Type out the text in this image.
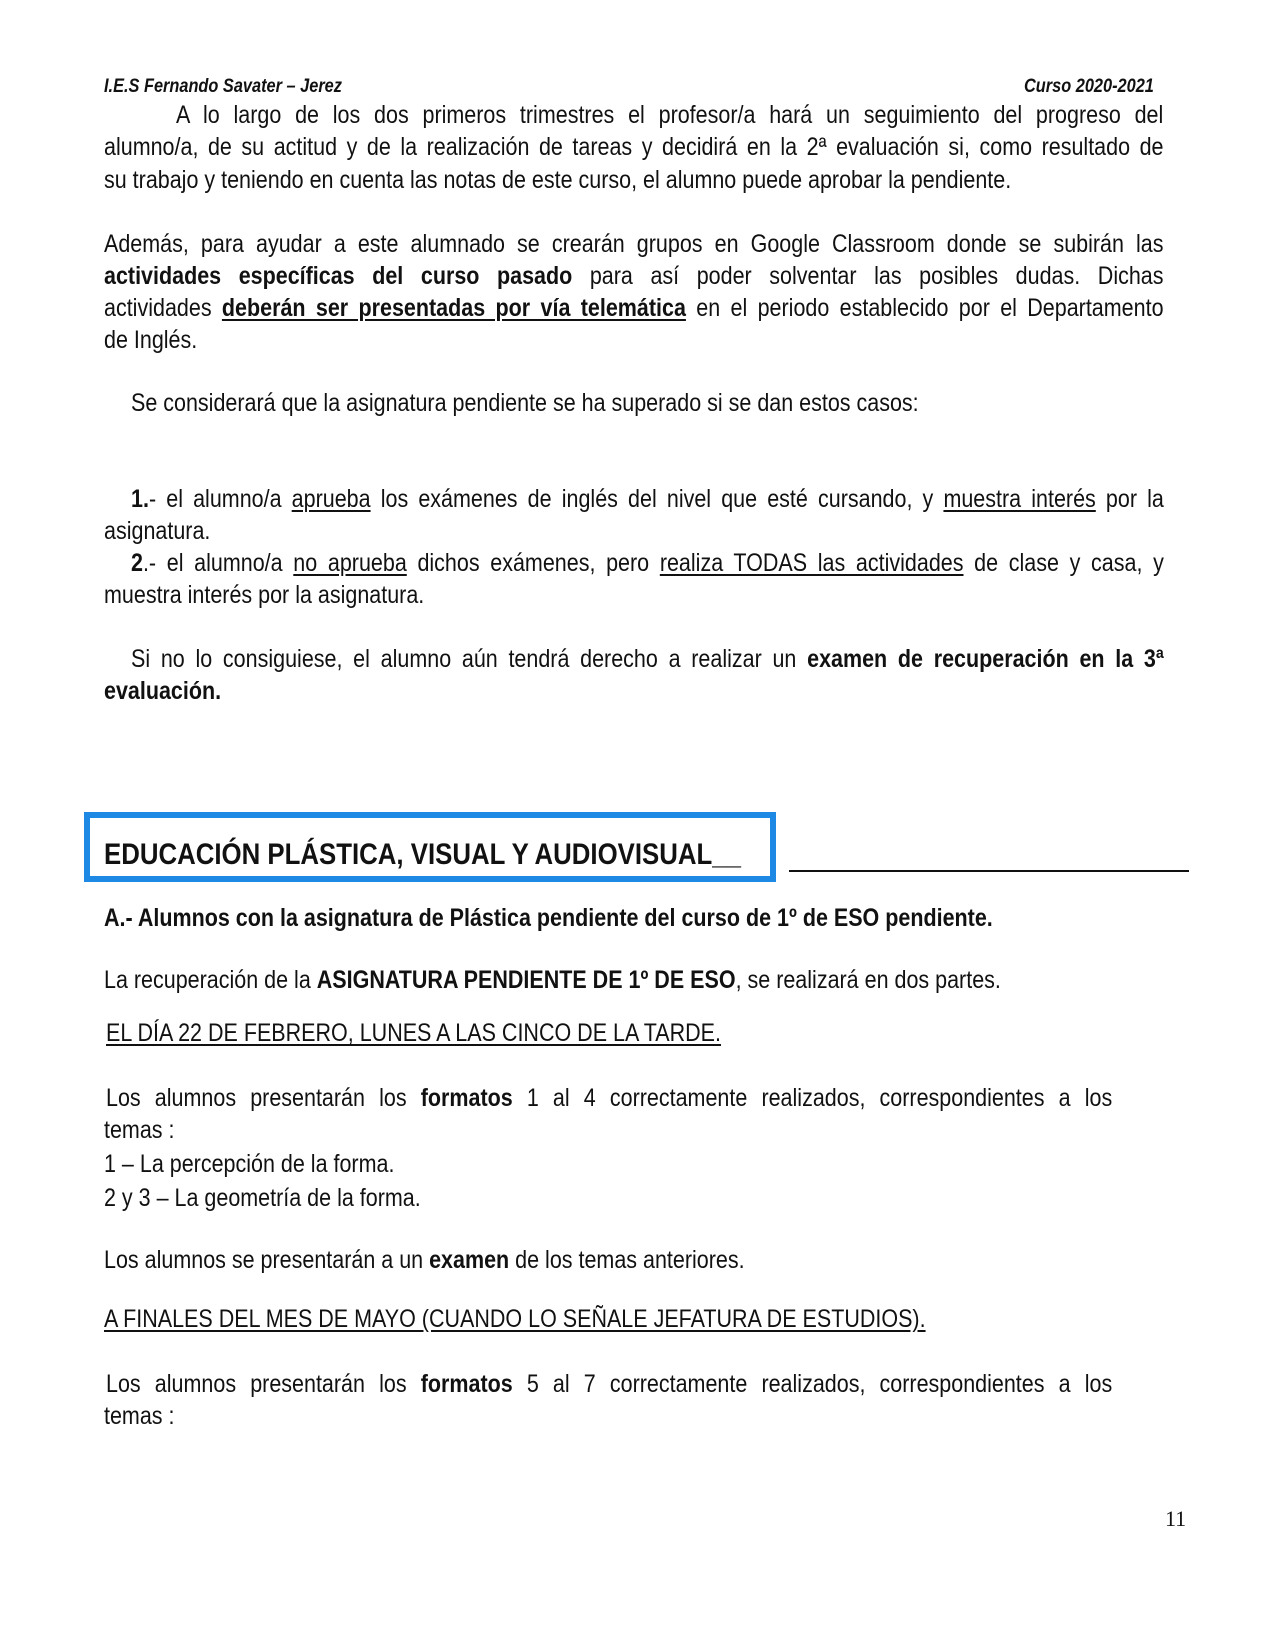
I.E.S Fernando Savater – Jerez	Curso 2020-2021
A lo largo de los dos primeros trimestres el profesor/a hará un seguimiento del progreso del
alumno/a, de su actitud y de la realización de tareas y decidirá en la 2ª evaluación si, como resultado de
su trabajo y teniendo en cuenta las notas de este curso, el alumno puede aprobar la pendiente.
Además, para ayudar a este alumnado se crearán grupos en Google Classroom donde se subirán las
actividades específicas del curso pasado para así poder solventar las posibles dudas. Dichas
actividades deberán ser presentadas por vía telemática en el periodo establecido por el Departamento
de Inglés.
Se considerará que la asignatura pendiente se ha superado si se dan estos casos:
1.- el alumno/a aprueba los exámenes de inglés del nivel que esté cursando, y muestra interés por la
asignatura.
2.- el alumno/a no aprueba dichos exámenes, pero realiza TODAS las actividades de clase y casa, y
muestra interés por la asignatura.
Si no lo consiguiese, el alumno aún tendrá derecho a realizar un examen de recuperación en la 3ª
evaluación.
EDUCACIÓN PLÁSTICA, VISUAL Y AUDIOVISUAL__
A.- Alumnos con la asignatura de Plástica pendiente del curso de 1º de ESO pendiente.
La recuperación de la ASIGNATURA PENDIENTE DE 1º DE ESO, se realizará en dos partes.
EL DÍA 22 DE FEBRERO, LUNES A LAS CINCO DE LA TARDE.
Los alumnos presentarán los formatos 1 al 4 correctamente realizados, correspondientes a los
temas :
1 – La percepción de la forma.
2 y 3 – La geometría de la forma.
Los alumnos se presentarán a un examen de los temas anteriores.
A FINALES DEL MES DE MAYO (CUANDO LO SEÑALE JEFATURA DE ESTUDIOS).
Los alumnos presentarán los formatos 5 al 7 correctamente realizados, correspondientes a los
temas :
11
